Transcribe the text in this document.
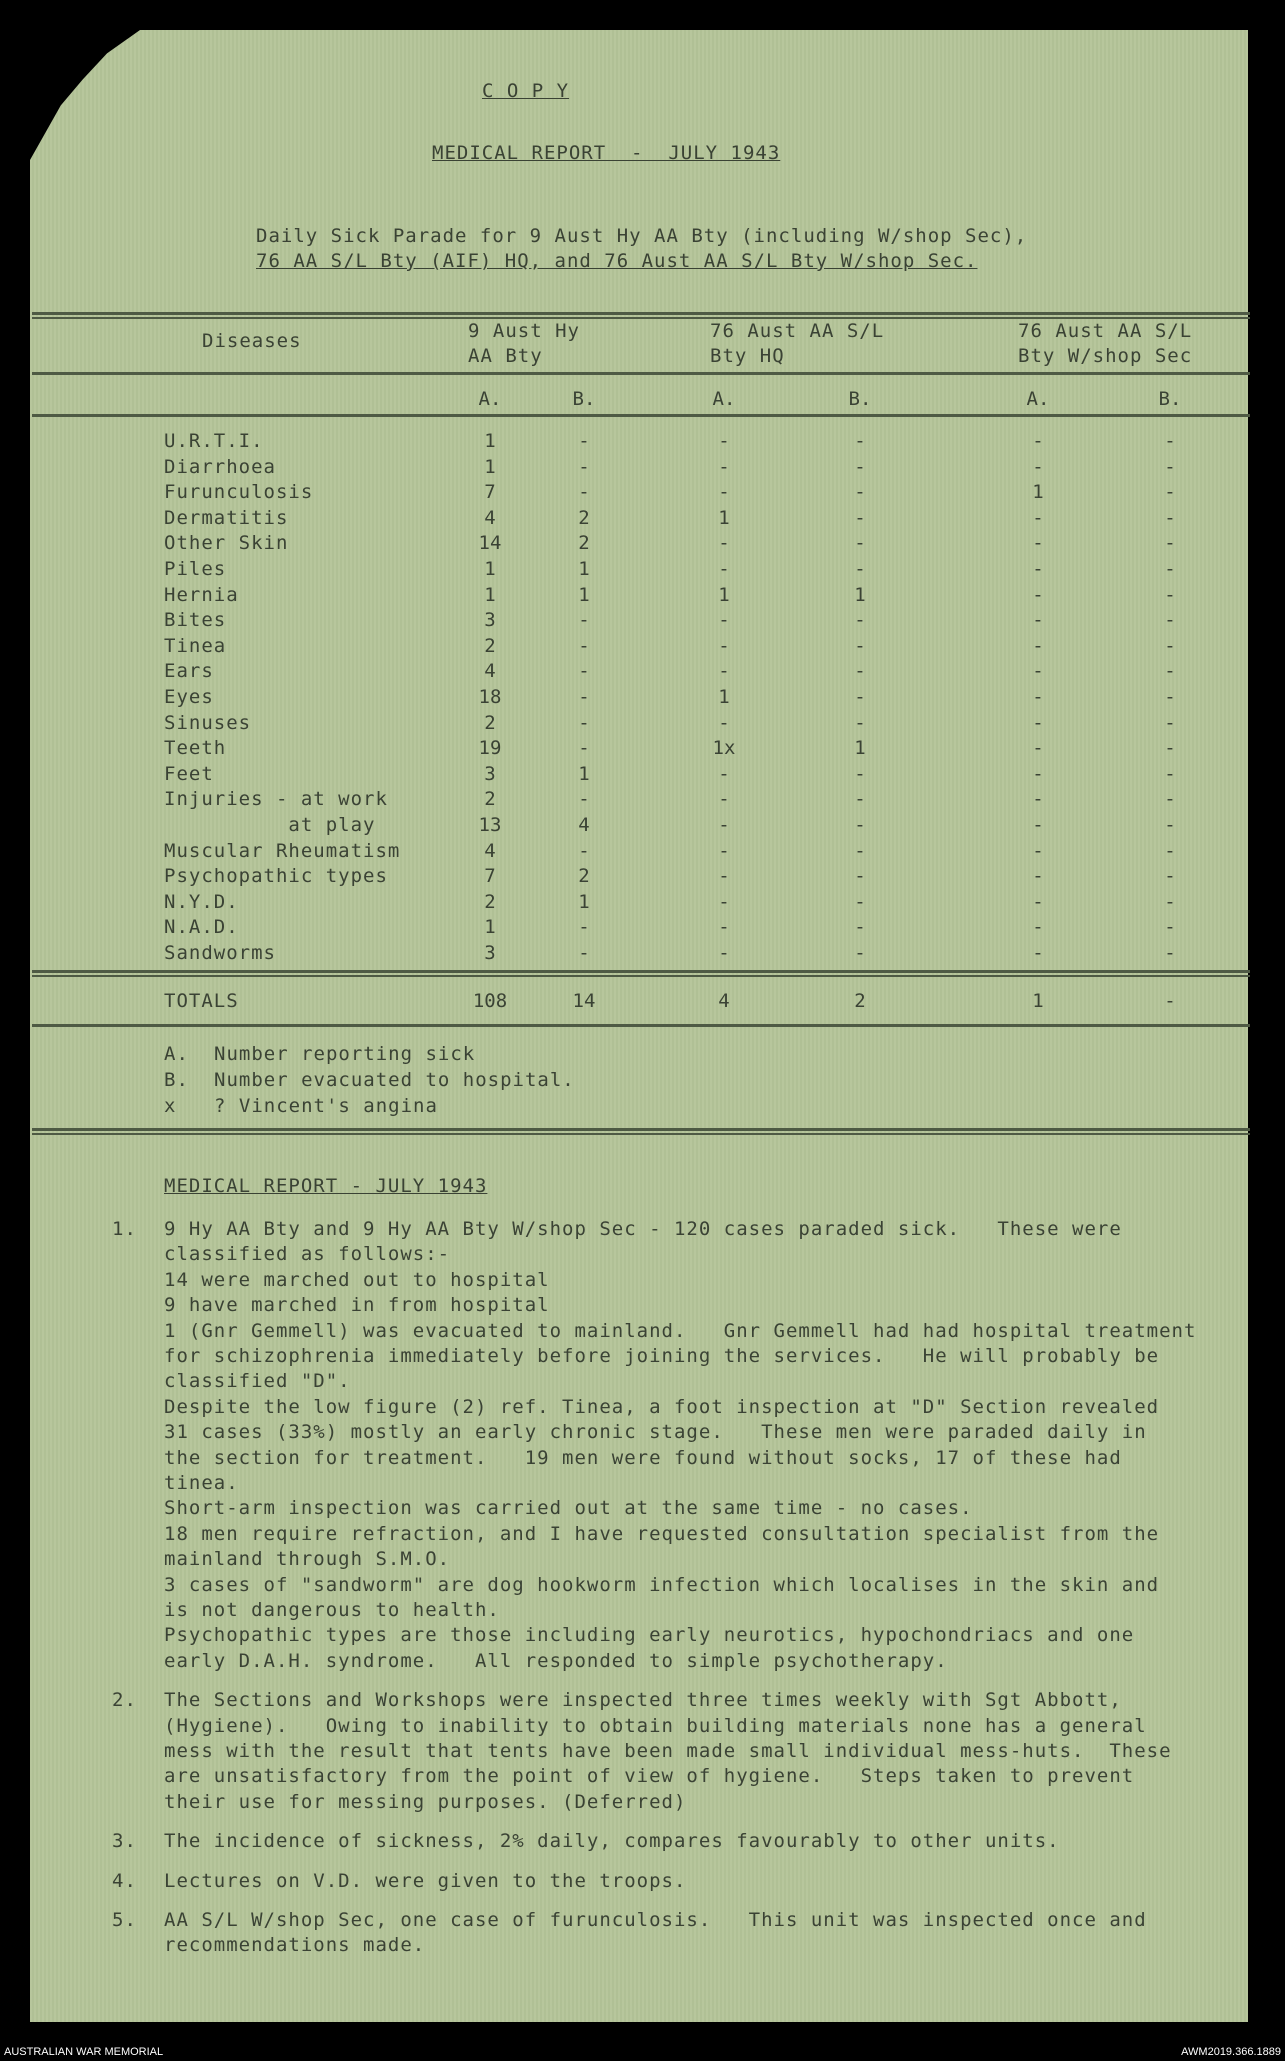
C O P Y
MEDICAL REPORT  -  JULY 1943
Daily Sick Parade for 9 Aust Hy AA Bty (including W/shop Sec),
76 AA S/L Bty (AIF) HQ, and 76 Aust AA S/L Bty W/shop Sec.
Diseases	9 Aust Hy
AA Bty
76 Aust AA S/L
Bty HQ
76 Aust AA S/L
Bty W/shop Sec
A.	B.	A.	B.	A.	B.
U.R.T.I.	1	-	-	-	-	-
Diarrhoea	1	-	-	-	-	-
Furunculosis	7	-	-	-	1	-
Dermatitis	4	2	1	-	-	-
Other Skin	14	2	-	-	-	-
Piles	1	1	-	-	-	-
Hernia	1	1	1	1	-	-
Bites	3	-	-	-	-	-
Tinea	2	-	-	-	-	-
Ears	4	-	-	-	-	-
Eyes	18	-	1	-	-	-
Sinuses	2	-	-	-	-	-
Teeth	19	-	1x	1	-	-
Feet	3	1	-	-	-	-
Injuries - at work	2	-	-	-	-	-
at play	13	4	-	-	-	-
Muscular Rheumatism	4	-	-	-	-	-
Psychopathic types	7	2	-	-	-	-
N.Y.D.	2	1	-	-	-	-
N.A.D.	1	-	-	-	-	-
Sandworms	3	-	-	-	-	-
TOTALS	108	14	4	2	1	-
A. Number reporting sick
B. Number evacuated to hospital.
x ? Vincent's angina
MEDICAL REPORT - JULY 1943
1. 9 Hy AA Bty and 9 Hy AA Bty W/shop Sec - 120 cases paraded sick.   These were
classified as follows:-
14 were marched out to hospital
9 have marched in from hospital
1 (Gnr Gemmell) was evacuated to mainland.   Gnr Gemmell had had hospital treatment
for schizophrenia immediately before joining the services.   He will probably be
classified "D".
Despite the low figure (2) ref. Tinea, a foot inspection at "D" Section revealed
31 cases (33%) mostly an early chronic stage.   These men were paraded daily in
the section for treatment.   19 men were found without socks, 17 of these had
tinea.
Short-arm inspection was carried out at the same time - no cases.
18 men require refraction, and I have requested consultation specialist from the
mainland through S.M.O.
3 cases of "sandworm" are dog hookworm infection which localises in the skin and
is not dangerous to health.
Psychopathic types are those including early neurotics, hypochondriacs and one
early D.A.H. syndrome.   All responded to simple psychotherapy.
2. The Sections and Workshops were inspected three times weekly with Sgt Abbott,
(Hygiene).   Owing to inability to obtain building materials none has a general
mess with the result that tents have been made small individual mess-huts.  These
are unsatisfactory from the point of view of hygiene.   Steps taken to prevent
their use for messing purposes. (Deferred)
3. The incidence of sickness, 2% daily, compares favourably to other units.
4. Lectures on V.D. were given to the troops.
5. AA S/L W/shop Sec, one case of furunculosis.   This unit was inspected once and
recommendations made.
AUSTRALIAN WAR MEMORIAL	AWM2019.366.1889
